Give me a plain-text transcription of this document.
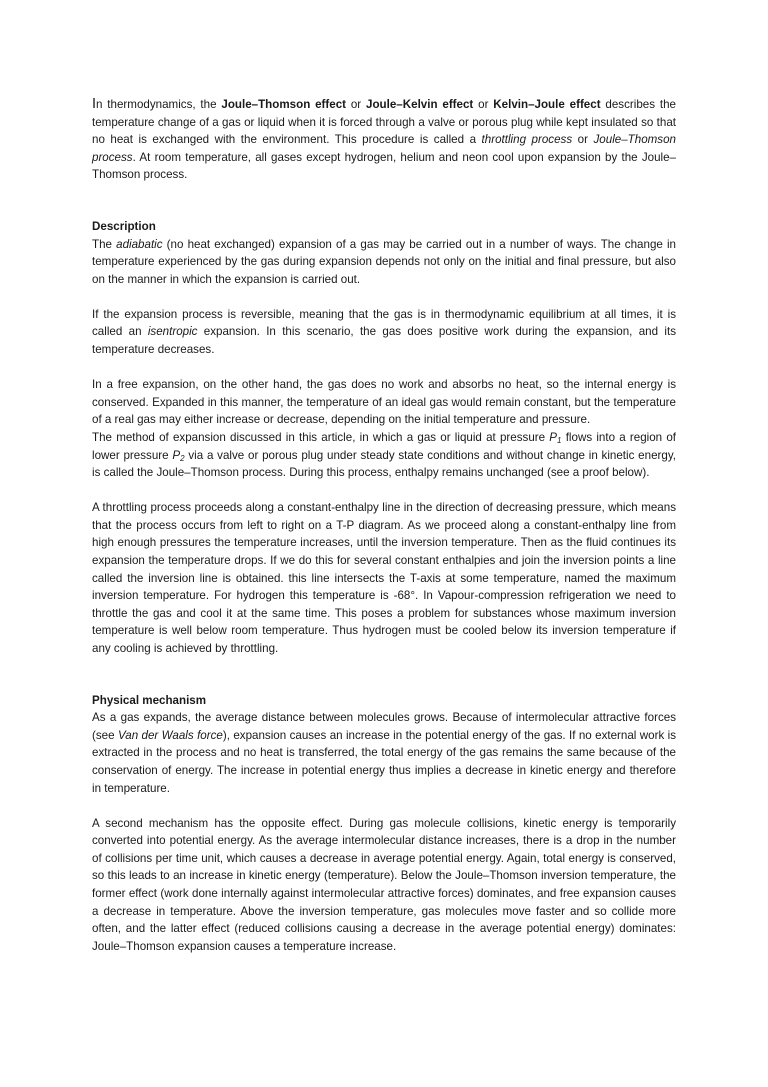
In thermodynamics, the Joule–Thomson effect or Joule–Kelvin effect or Kelvin–Joule effect describes the temperature change of a gas or liquid when it is forced through a valve or porous plug while kept insulated so that no heat is exchanged with the environment. This procedure is called a throttling process or Joule–Thomson process. At room temperature, all gases except hydrogen, helium and neon cool upon expansion by the Joule–Thomson process.

Description

The adiabatic (no heat exchanged) expansion of a gas may be carried out in a number of ways. The change in temperature experienced by the gas during expansion depends not only on the initial and final pressure, but also on the manner in which the expansion is carried out.

If the expansion process is reversible, meaning that the gas is in thermodynamic equilibrium at all times, it is called an isentropic expansion. In this scenario, the gas does positive work during the expansion, and its temperature decreases.

In a free expansion, on the other hand, the gas does no work and absorbs no heat, so the internal energy is conserved. Expanded in this manner, the temperature of an ideal gas would remain constant, but the temperature of a real gas may either increase or decrease, depending on the initial temperature and pressure.

The method of expansion discussed in this article, in which a gas or liquid at pressure $P_1$ flows into a region of lower pressure $P_2$ via a valve or porous plug under steady state conditions and without change in kinetic energy, is called the Joule–Thomson process. During this process, enthalpy remains unchanged (see a proof below).

A throttling process proceeds along a constant-enthalpy line in the direction of decreasing pressure, which means that the process occurs from left to right on a T-P diagram. As we proceed along a constant-enthalpy line from high enough pressures the temperature increases, until the inversion temperature. Then as the fluid continues its expansion the temperature drops. If we do this for several constant enthalpies and join the inversion points a line called the inversion line is obtained. this line intersects the T-axis at some temperature, named the maximum inversion temperature. For hydrogen this temperature is -68°. In Vapour-compression refrigeration we need to throttle the gas and cool it at the same time. This poses a problem for substances whose maximum inversion temperature is well below room temperature. Thus hydrogen must be cooled below its inversion temperature if any cooling is achieved by throttling.

Physical mechanism

As a gas expands, the average distance between molecules grows. Because of intermolecular attractive forces (see Van der Waals force), expansion causes an increase in the potential energy of the gas. If no external work is extracted in the process and no heat is transferred, the total energy of the gas remains the same because of the conservation of energy. The increase in potential energy thus implies a decrease in kinetic energy and therefore in temperature.

A second mechanism has the opposite effect. During gas molecule collisions, kinetic energy is temporarily converted into potential energy. As the average intermolecular distance increases, there is a drop in the number of collisions per time unit, which causes a decrease in average potential energy. Again, total energy is conserved, so this leads to an increase in kinetic energy (temperature). Below the Joule–Thomson inversion temperature, the former effect (work done internally against intermolecular attractive forces) dominates, and free expansion causes a decrease in temperature. Above the inversion temperature, gas molecules move faster and so collide more often, and the latter effect (reduced collisions causing a decrease in the average potential energy) dominates: Joule–Thomson expansion causes a temperature increase.
